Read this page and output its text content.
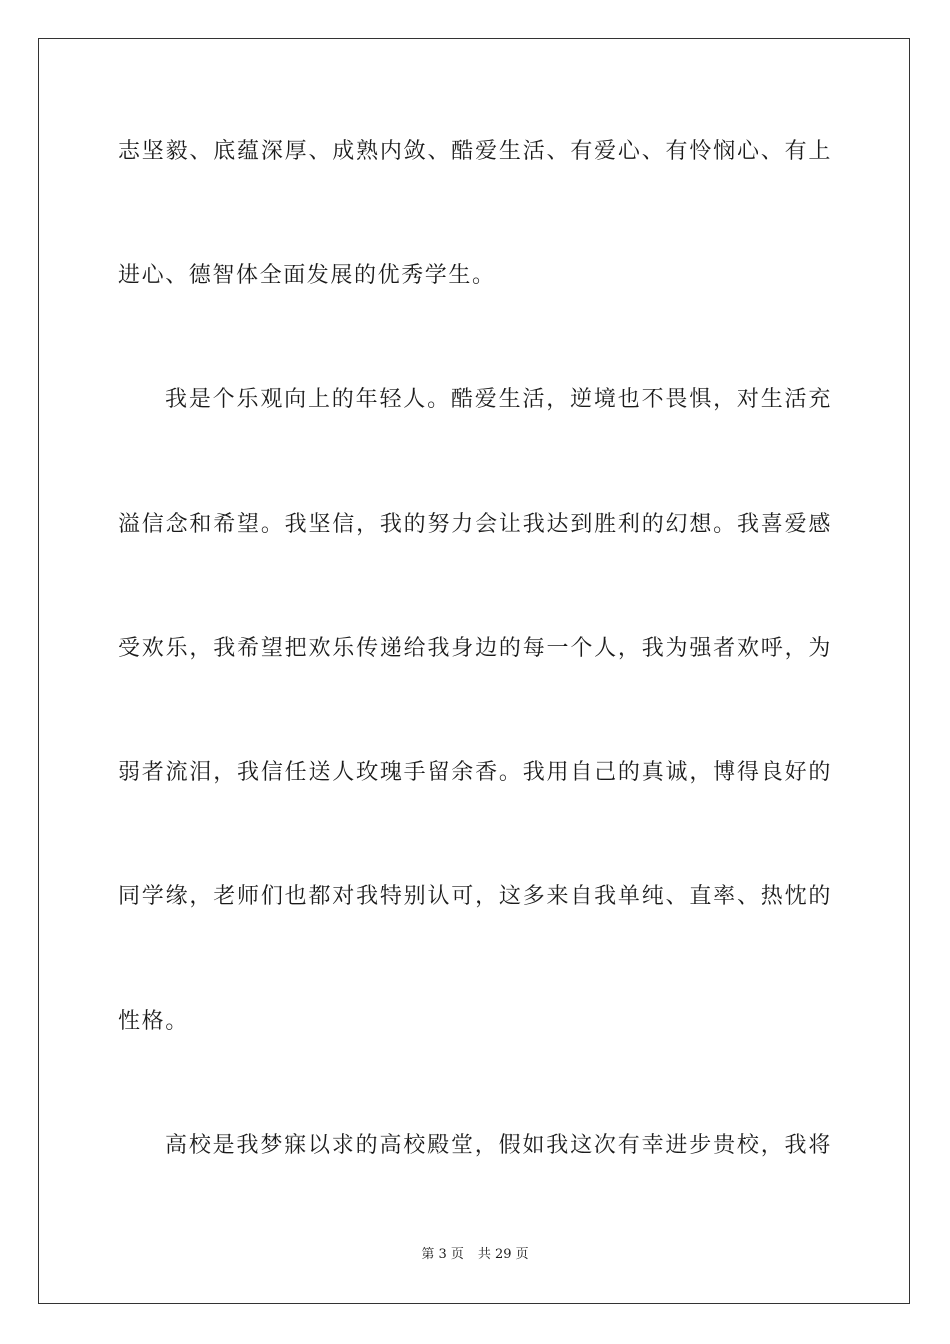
志坚毅、底蕴深厚、成熟内敛、酷爱生活、有爱心、有怜悯心、有上
进心、德智体全面发展的优秀学生。
我是个乐观向上的年轻人。酷爱生活，逆境也不畏惧，对生活充
溢信念和希望。我坚信，我的努力会让我达到胜利的幻想。我喜爱感
受欢乐，我希望把欢乐传递给我身边的每一个人，我为强者欢呼，为
弱者流泪，我信任送人玫瑰手留余香。我用自己的真诚，博得良好的
同学缘，老师们也都对我特别认可，这多来自我单纯、直率、热忱的
性格。
高校是我梦寐以求的高校殿堂，假如我这次有幸进步贵校，我将
第 3 页 共 29 页
